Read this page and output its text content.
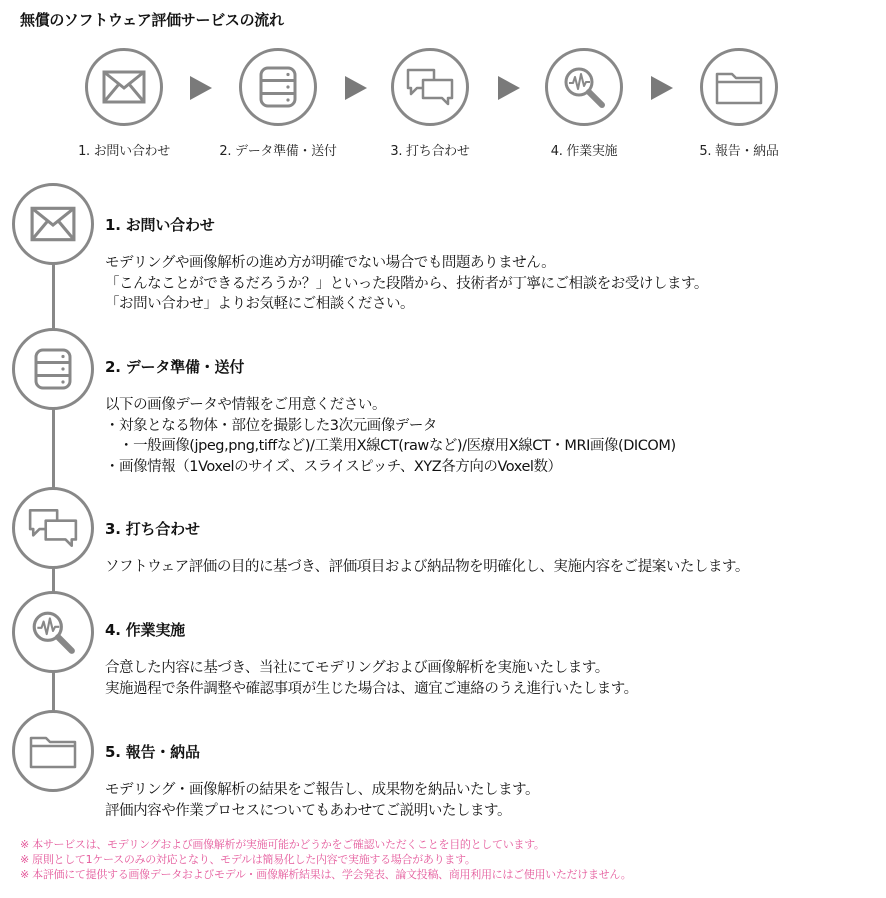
無償のソフトウェア評価サービスの流れ
1. お問い合わせ	2. データ準備・送付	3. 打ち合わせ	4. 作業実施	5. 報告・納品
1. お問い合わせ
モデリングや画像解析の進め方が明確でない場合でも問題ありません。
「こんなことができるだろうか？」といった段階から、技術者が丁寧にご相談をお受けします。
「お問い合わせ」よりお気軽にご相談ください。
2. データ準備・送付
以下の画像データや情報をご用意ください。
・対象となる物体・部位を撮影した3次元画像データ
　・一般画像(jpeg,png,tiffなど)/工業用X線CT(rawなど)/医療用X線CT・MRI画像(DICOM)
・画像情報（1Voxelのサイズ、スライスピッチ、XYZ各方向のVoxel数）
3. 打ち合わせ
ソフトウェア評価の目的に基づき、評価項目および納品物を明確化し、実施内容をご提案いたします。
4. 作業実施
合意した内容に基づき、当社にてモデリングおよび画像解析を実施いたします。
実施過程で条件調整や確認事項が生じた場合は、適宜ご連絡のうえ進行いたします。
5. 報告・納品
モデリング・画像解析の結果をご報告し、成果物を納品いたします。
評価内容や作業プロセスについてもあわせてご説明いたします。
※ 本サービスは、モデリングおよび画像解析が実施可能かどうかをご確認いただくことを目的としています。
※ 原則として1ケースのみの対応となり、モデルは簡易化した内容で実施する場合があります。
※ 本評価にて提供する画像データおよびモデル・画像解析結果は、学会発表、論文投稿、商用利用にはご使用いただけません。
